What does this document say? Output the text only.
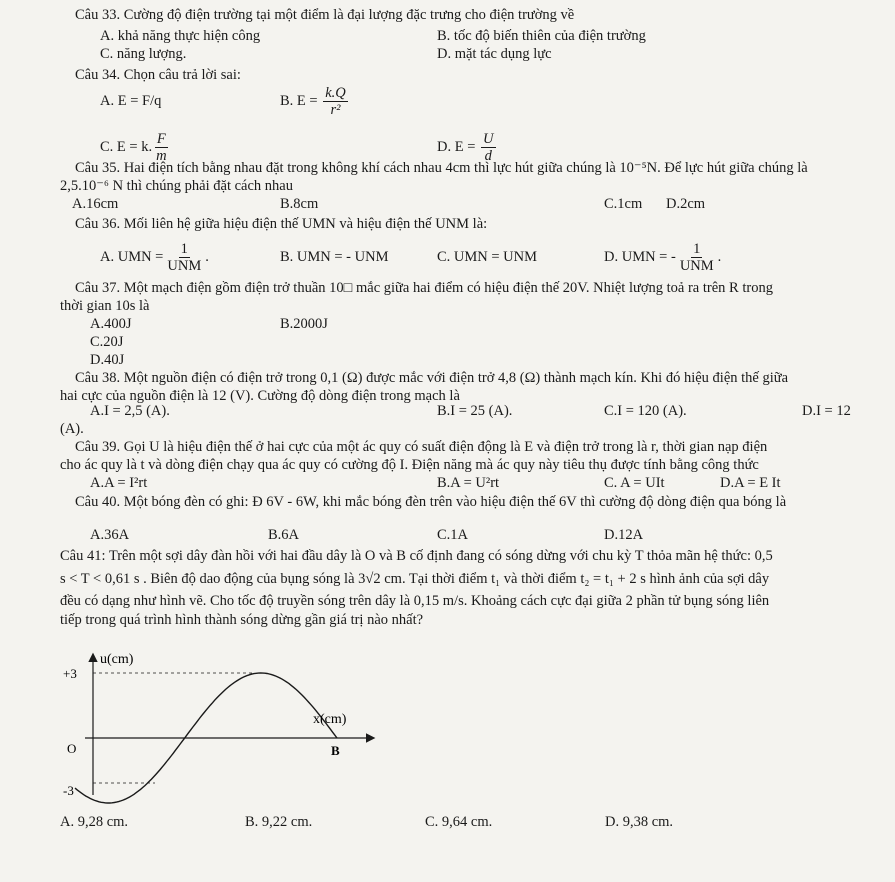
Câu 33. Cường độ điện trường tại một điểm là đại lượng đặc trưng cho điện trường về
A. khả năng thực hiện công	B. tốc độ biến thiên của điện trường
C. năng lượng.	D. mặt tác dụng lực
Câu 34. Chọn câu trả lời sai:
A. E = F/q	B. $E = \frac{k.Q}{\text{r²}}$
C. E = k. $\frac{F}{m}$	D. $E = \frac{U}{d}$
Câu 35. Hai điện tích bằng nhau đặt trong không khí cách nhau 4cm thì lực hút giữa chúng là 10⁻⁵N. Để lực hút giữa chúng là
2,5.10⁻⁶ N thì chúng phải đặt cách nhau
A.16cm	B.8cm	C.1cm D.2cm
Câu 36. Mối liên hệ giữa hiệu điện thế UMN và hiệu điện thế UNM là:
A. UMN = $\frac{1}{\text{UNM}}$ .	B. UMN = - UNM	C. UMN = UNM	D. UMN = - $\frac{1}{\text{UNM}}$ .
Câu 37. Một mạch điện gồm điện trở thuần 10□ mắc giữa hai điểm có hiệu điện thế 20V. Nhiệt lượng toả ra trên R trong
thời gian 10s là
A.400J	B.2000J
C.20J
D.40J
Câu 38. Một nguồn điện có điện trở trong 0,1 (Ω) được mắc với điện trở 4,8 (Ω) thành mạch kín. Khi đó hiệu điện thế giữa
hai cực của nguồn điện là 12 (V). Cường độ dòng điện trong mạch là
A.I = 2,5 (A).	B.I = 25 (A).	C.I = 120 (A).	D.I = 12
(A).
Câu 39. Gọi U là hiệu điện thế ở hai cực của một ác quy có suất điện động là E và điện trở trong là r, thời gian nạp điện
cho ác quy là t và dòng điện chạy qua ác quy có cường độ I. Điện năng mà ác quy này tiêu thụ được tính bằng công thức
A.A = I²rt	B.A = U²rt	C. A = UIt	D.A = E It
Câu 40. Một bóng đèn có ghi: Đ 6V - 6W, khi mắc bóng đèn trên vào hiệu điện thế 6V thì cường độ dòng điện qua bóng là
A.36A	B.6A	C.1A	D.12A
Câu 41: Trên một sợi dây đàn hồi với hai đầu dây là O và B cố định đang có sóng dừng với chu kỳ T thỏa mãn hệ thức: 0,5
s < T < 0,61 s . Biên độ dao động của bụng sóng là 3√2 cm. Tại thời điểm t₁ và thời điểm t₂ = t₁ + 2 s hình ảnh của sợi dây
đều có dạng như hình vẽ. Cho tốc độ truyền sóng trên dây là 0,15 m/s. Khoảng cách cực đại giữa 2 phần tử bụng sóng liên
tiếp trong quá trình hình thành sóng dừng gần giá trị nào nhất?
u(cm)
+3
-3
O
x(cm)
B
A. 9,28 cm.	B. 9,22 cm.	C. 9,64 cm.	D. 9,38 cm.
